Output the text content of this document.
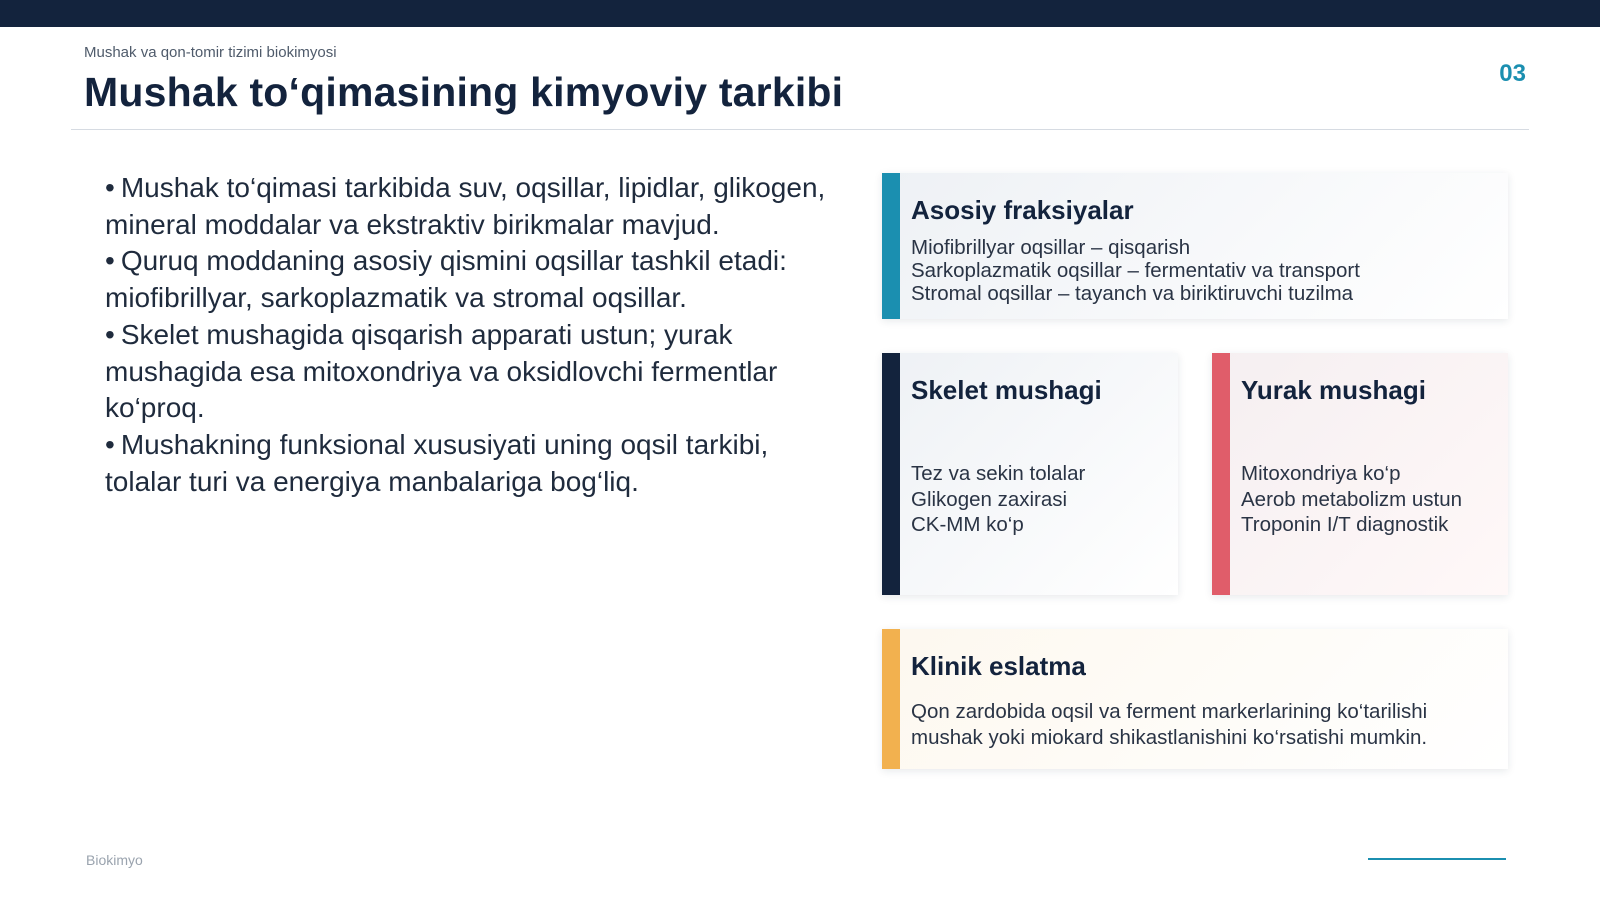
Mushak va qon-tomir tizimi biokimyosi

Mushak to‘qimasining kimyoviy tarkibi	03
• Mushak to‘qimasi tarkibida suv, oqsillar, lipidlar, glikogen, mineral moddalar va ekstraktiv birikmalar mavjud.
• Quruq moddaning asosiy qismini oqsillar tashkil etadi: miofibrillyar, sarkoplazmatik va stromal oqsillar.
• Skelet mushagida qisqarish apparati ustun; yurak mushagida esa mitoxondriya va oksidlovchi fermentlar ko‘proq.
• Mushakning funksional xususiyati uning oqsil tarkibi, tolalar turi va energiya manbalariga bog‘liq.
Asosiy fraksiyalar
Miofibrillyar oqsillar – qisqarish
Sarkoplazmatik oqsillar – fermentativ va transport
Stromal oqsillar – tayanch va biriktiruvchi tuzilma
Skelet mushagi
Tez va sekin tolalar
Glikogen zaxirasi
CK-MM ko‘p
Yurak mushagi
Mitoxondriya ko‘p
Aerob metabolizm ustun
Troponin I/T diagnostik
Klinik eslatma
Qon zardobida oqsil va ferment markerlarining ko‘tarilishi
mushak yoki miokard shikastlanishini ko‘rsatishi mumkin.
Biokimyo
